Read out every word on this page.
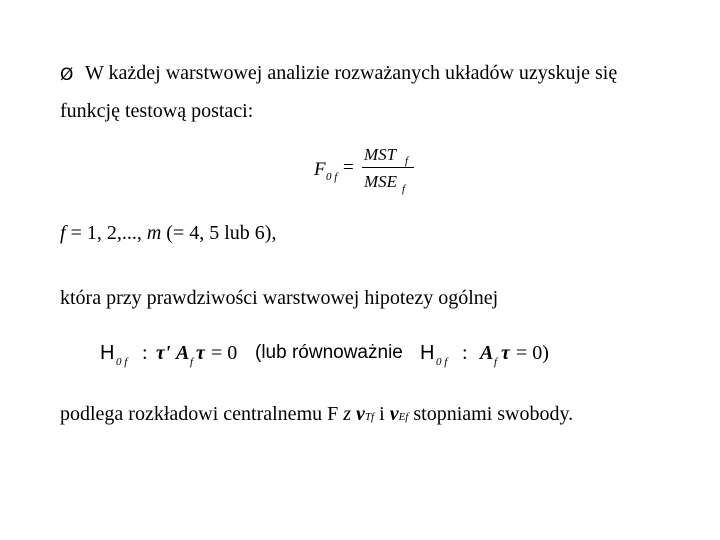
Ø W każdej warstwowej analizie rozważanych układów uzyskuje się
funkcję testową postaci:
F 0 f =
MST f
MSE f
f = 1, 2,..., m (= 4, 5 lub 6),
która przy prawdziwości warstwowej hipotezy ogólnej
H 0 f : τ' A f τ = 0 (lub równoważnie H 0 f : A f τ = 0)
podlega rozkładowi centralnemu F z νTf i νEf stopniami swobody.
